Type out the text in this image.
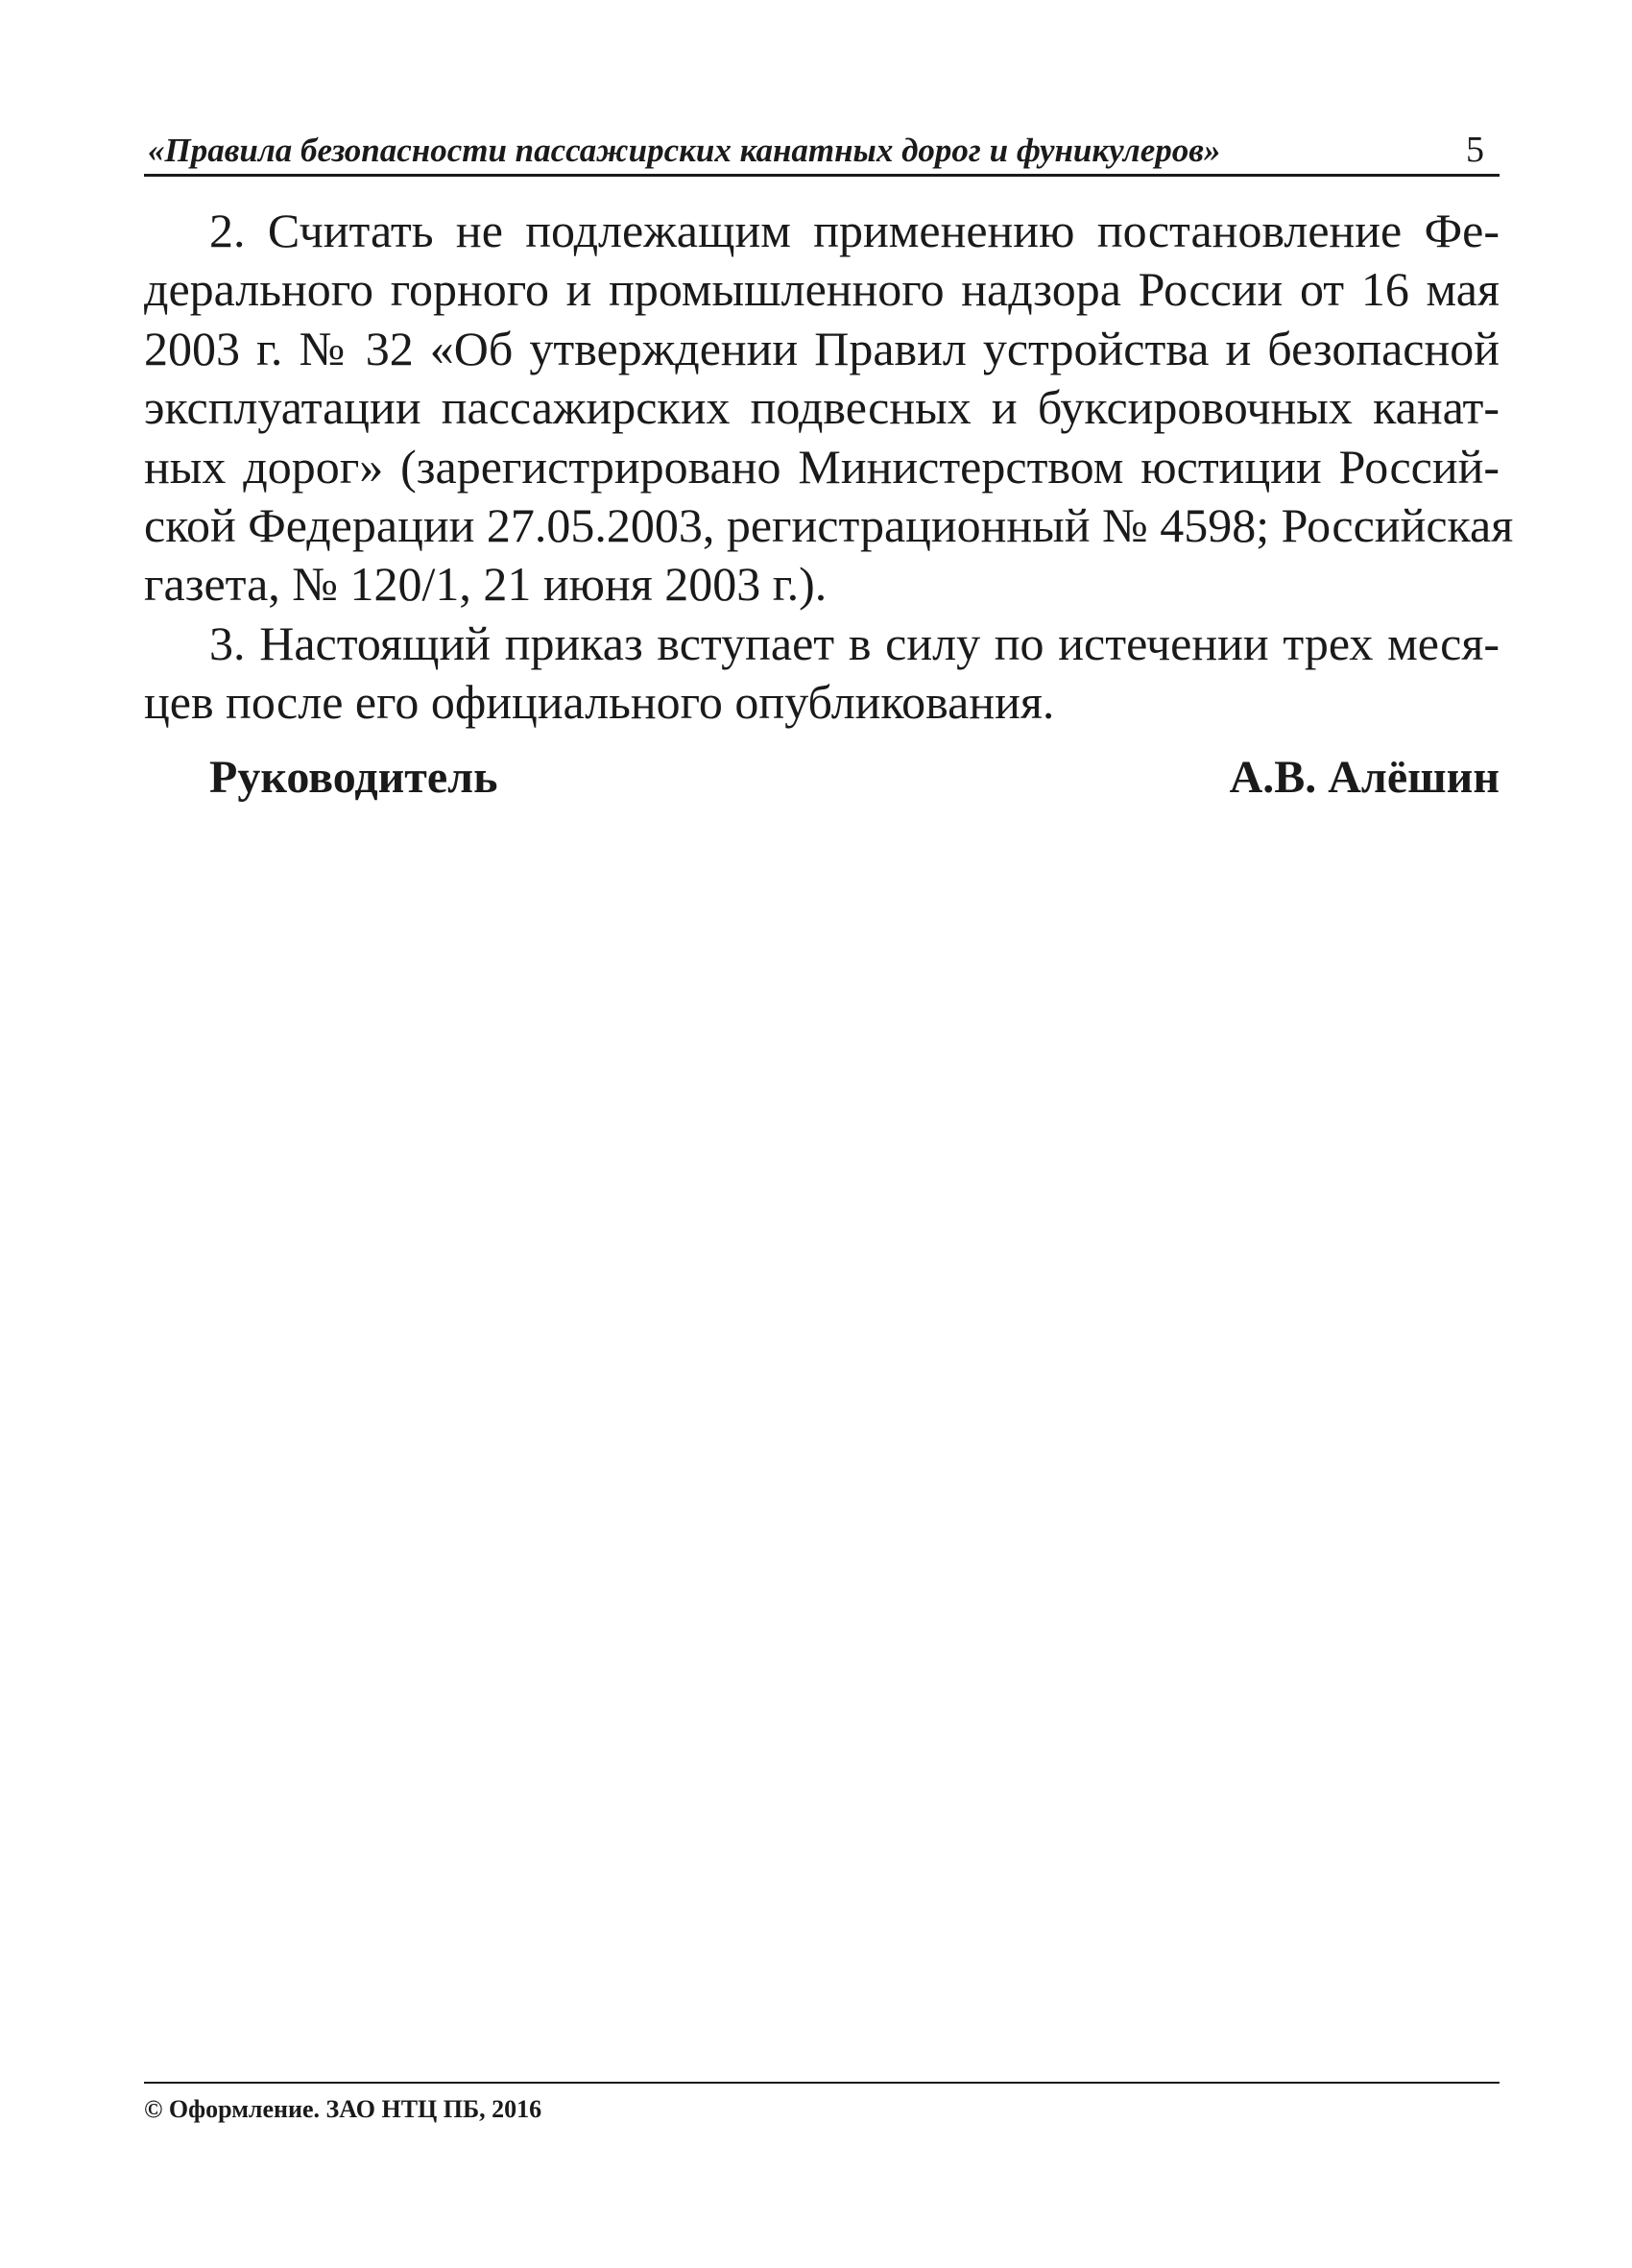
«Правила безопасности пассажирских канатных дорог и фуникулеров»	5

2. Считать не подлежащим применению постановление Фе-
дерального горного и промышленного надзора России от 16 мая
2003 г. № 32 «Об утверждении Правил устройства и безопасной
эксплуатации пассажирских подвесных и буксировочных канат-
ных дорог» (зарегистрировано Министерством юстиции Россий-
ской Федерации 27.05.2003, регистрационный № 4598; Российская
газета, № 120/1, 21 июня 2003 г.).

3. Настоящий приказ вступает в силу по истечении трех меся-
цев после его официального опубликования.

Руководитель	А.В. Алёшин
© Оформление. ЗАО НТЦ ПБ, 2016
